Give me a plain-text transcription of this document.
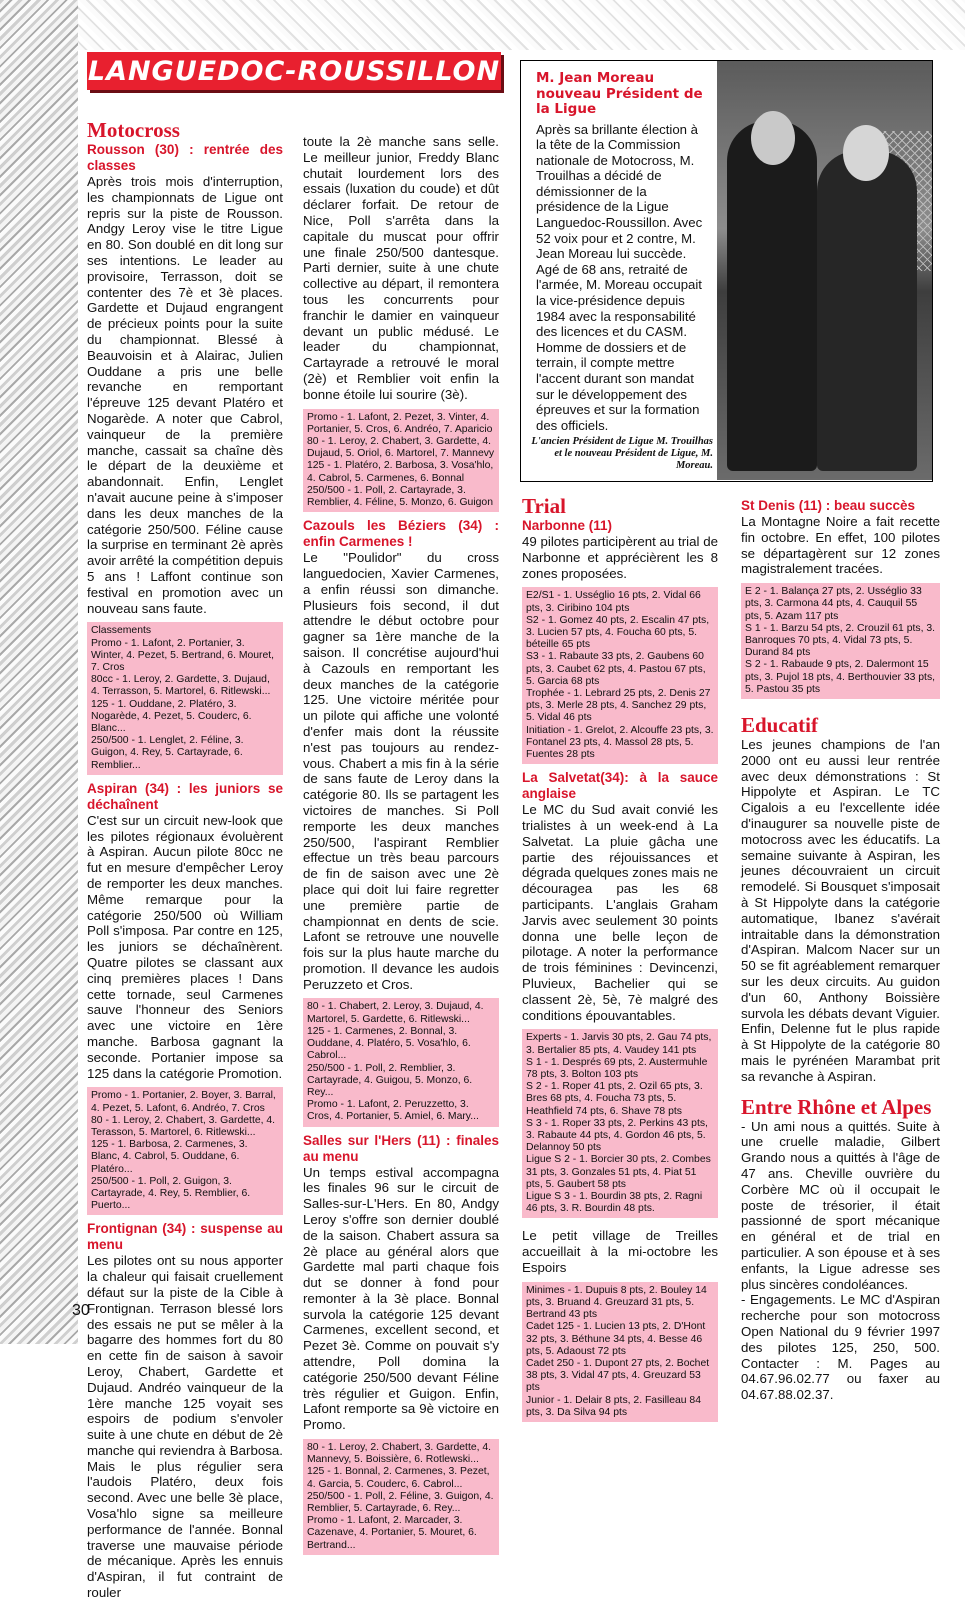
LANGUEDOC-ROUSSILLON
Motocross
Rousson (30) : rentrée des classes

Après trois mois d'interruption, les championnats de Ligue ont repris sur la piste de Rousson. Andgy Leroy vise le titre Ligue en 80. Son doublé en dit long sur ses intentions. Le leader au provisoire, Terrasson, doit se contenter des 7è et 3è places. Gardette et Dujaud engrangent de précieux points pour la suite du championnat. Blessé à Beauvoisin et à Alairac, Julien Ouddane a pris une belle revanche en remportant l'épreuve 125 devant Platéro et Nogarède. A noter que Cabrol, vainqueur de la première manche, cassait sa chaîne dès le départ de la deuxième et abandonnait. Enfin, Lenglet n'avait aucune peine à s'imposer dans les deux manches de la catégorie 250/500. Féline cause la surprise en terminant 2è après avoir arrêté la compétition depuis 5 ans ! Laffont continue son festival en promotion avec un nouveau sans faute.

Classements
Promo - 1. Lafont, 2. Portanier, 3. Winter, 4. Pezet, 5. Bertrand, 6. Mouret, 7. Cros
80cc - 1. Leroy, 2. Gardette, 3. Dujaud, 4. Terrasson, 5. Martorel, 6. Ritlewski...
125 - 1. Ouddane, 2. Platéro, 3. Nogarède, 4. Pezet, 5. Couderc, 6. Blanc...
250/500 - 1. Lenglet, 2. Féline, 3. Guigon, 4. Rey, 5. Cartayrade, 6. Remblier...
Aspiran (34) : les juniors se déchaînent

C'est sur un circuit new-look que les pilotes régionaux évoluèrent à Aspiran. Aucun pilote 80cc ne fut en mesure d'empêcher Leroy de remporter les deux manches. Même remarque pour la catégorie 250/500 où William Poll s'imposa. Par contre en 125, les juniors se déchaînèrent. Quatre pilotes se classant aux cinq premières places ! Dans cette tornade, seul Carmenes sauve l'honneur des Seniors avec une victoire en 1ère manche. Barbosa gagnant la seconde. Portanier impose sa 125 dans la catégorie Promotion.

Promo - 1. Portanier, 2. Boyer, 3. Barral, 4. Pezet, 5. Lafont, 6. Andréo, 7. Cros
80 - 1. Leroy, 2. Chabert, 3. Gardette, 4. Terasson, 5. Martorel, 6. Ritlewski...
125 - 1. Barbosa, 2. Carmenes, 3. Blanc, 4. Cabrol, 5. Ouddane, 6. Platéro...
250/500 - 1. Poll, 2. Guigon, 3. Cartayrade, 4. Rey, 5. Remblier, 6. Puerto...
Frontignan (34) : suspense au menu

Les pilotes ont su nous apporter la chaleur qui faisait cruellement défaut sur la piste de la Cible à Frontignan. Terrason blessé lors des essais ne put se mêler à la bagarre des hommes fort du 80 en cette fin de saison à savoir Leroy, Chabert, Gardette et Dujaud. Andréo vainqueur de la 1ère manche 125 voyait ses espoirs de podium s'envoler suite à une chute en début de 2è manche qui reviendra à Barbosa. Mais le plus régulier sera l'audois Platéro, deux fois second. Avec une belle 3è place, Vosa'hlo signe sa meilleure performance de l'année. Bonnal traverse une mauvaise période de mécanique. Après les ennuis d'Aspiran, il fut contraint de rouler

toute la 2è manche sans selle. Le meilleur junior, Freddy Blanc chutait lourdement lors des essais (luxation du coude) et dût déclarer forfait. De retour de Nice, Poll s'arrêta dans la capitale du muscat pour offrir une finale 250/500 dantesque. Parti dernier, suite à une chute collective au départ, il remontera tous les concurrents pour franchir le damier en vainqueur devant un public médusé. Le leader du championnat, Cartayrade a retrouvé le moral (2è) et Remblier voit enfin la bonne étoile lui sourire (3è).

Promo - 1. Lafont, 2. Pezet, 3. Vinter, 4. Portanier, 5. Cros, 6. Andréo, 7. Aparicio
80 - 1. Leroy, 2. Chabert, 3. Gardette, 4. Dujaud, 5. Oriol, 6. Martorel, 7. Mannevy
125 - 1. Platéro, 2. Barbosa, 3. Vosa'hlo, 4. Cabrol, 5. Carmenes, 6. Bonnal
250/500 - 1. Poll, 2. Cartayrade, 3. Remblier, 4. Féline, 5. Monzo, 6. Guigon
Cazouls les Béziers (34) : enfin Carmenes !

Le "Poulidor" du cross languedocien, Xavier Carmenes, a enfin réussi son dimanche. Plusieurs fois second, il dut attendre le début octobre pour gagner sa 1ère manche de la saison. Il concrétise aujourd'hui à Cazouls en remportant les deux manches de la catégorie 125. Une victoire méritée pour un pilote qui affiche une volonté d'enfer mais dont la réussite n'est pas toujours au rendez-vous. Chabert a mis fin à la série de sans faute de Leroy dans la catégorie 80. Ils se partagent les victoires de manches. Si Poll remporte les deux manches 250/500, l'aspirant Remblier effectue un très beau parcours de fin de saison avec une 2è place qui doit lui faire regretter une première partie de championnat en dents de scie. Lafont se retrouve une nouvelle fois sur la plus haute marche du promotion. Il devance les audois Peruzzeto et Cros.

80 - 1. Chabert, 2. Leroy, 3. Dujaud, 4. Martorel, 5. Gardette, 6. Ritlewski...
125 - 1. Carmenes, 2. Bonnal, 3. Ouddane, 4. Platéro, 5. Vosa'hlo, 6. Cabrol...
250/500 - 1. Poll, 2. Remblier, 3. Cartayrade, 4. Guigou, 5. Monzo, 6. Rey...
Promo - 1. Lafont, 2. Peruzzetto, 3. Cros, 4. Portanier, 5. Amiel, 6. Mary...
Salles sur l'Hers (11) : finales au menu

Un temps estival accompagna les finales 96 sur le circuit de Salles-sur-L'Hers. En 80, Andgy Leroy s'offre son dernier doublé de la saison. Chabert assura sa 2è place au général alors que Gardette mal parti chaque fois dut se donner à fond pour remonter à la 3è place. Bonnal survola la catégorie 125 devant Carmenes, excellent second, et Pezet 3è. Comme on pouvait s'y attendre, Poll domina la catégorie 250/500 devant Féline très régulier et Guigon. Enfin, Lafont remporte sa 9è victoire en Promo.

80 - 1. Leroy, 2. Chabert, 3. Gardette, 4. Mannevy, 5. Boissière, 6. Rotlewski...
125 - 1. Bonnal, 2. Carmenes, 3. Pezet, 4. Garcia, 5. Couderc, 6. Cabrol...
250/500 - 1. Poll, 2. Féline, 3. Guigon, 4. Remblier, 5. Cartayrade, 6. Rey...
Promo - 1. Lafont, 2. Marcader, 3. Cazenave, 4. Portanier, 5. Mouret, 6. Bertrand...
M. Jean Moreau nouveau Président de la Ligue
Après sa brillante élection à la tête de la Commission nationale de Motocross, M. Trouilhas a décidé de démissionner de la présidence de la Ligue Languedoc-Roussillon. Avec 52 voix pour et 2 contre, M. Jean Moreau lui succède. Agé de 68 ans, retraité de l'armée, M. Moreau occupait la vice-présidence depuis 1984 avec la responsabilité des licences et du CASM. Homme de dossiers et de terrain, il compte mettre l'accent durant son mandat sur le développement des épreuves et sur la formation des officiels.
L'ancien Président de Ligue M. Trouilhas et le nouveau Président de Ligue, M. Moreau.
Trial
Narbonne (11)

49 pilotes participèrent au trial de Narbonne et apprécièrent les 8 zones proposées.

E2/S1 - 1. Usséglio 16 pts, 2. Vidal 66 pts, 3. Ciribino 104 pts
S2 - 1. Gomez 40 pts, 2. Escalin 47 pts, 3. Lucien 57 pts, 4. Foucha 60 pts, 5. béteille 65 pts
S3 - 1. Rabaute 33 pts, 2. Gaubens 60 pts, 3. Caubet 62 pts, 4. Pastou 67 pts, 5. Garcia 68 pts
Trophée - 1. Lebrard 25 pts, 2. Denis 27 pts, 3. Merle 28 pts, 4. Sanchez 29 pts, 5. Vidal 46 pts
Initiation - 1. Grelot, 2. Alcouffe 23 pts, 3. Fontanel 23 pts, 4. Massol 28 pts, 5. Fuentes 28 pts
La Salvetat(34): à la sauce anglaise

Le MC du Sud avait convié les trialistes à un week-end à La Salvetat. La pluie gâcha une partie des réjouissances et dégrada quelques zones mais ne découragea pas les 68 participants. L'anglais Graham Jarvis avec seulement 30 points donna une belle leçon de pilotage. A noter la performance de trois féminines : Devincenzi, Pluvieux, Bachelier qui se classent 2è, 5è, 7è malgré des conditions épouvantables.

Experts - 1. Jarvis 30 pts, 2. Gau 74 pts, 3. Bertalier 85 pts, 4. Vaudey 141 pts
S 1 - 1. Després 69 pts, 2. Austermuhle 78 pts, 3. Bolton 103 pts
S 2 - 1. Roper 41 pts, 2. Ozil 65 pts, 3. Bres 68 pts, 4. Foucha 73 pts, 5. Heathfield 74 pts, 6. Shave 78 pts
S 3 - 1. Roper 33 pts, 2. Perkins 43 pts, 3. Rabaute 44 pts, 4. Gordon 46 pts, 5. Delannoy 50 pts
Ligue S 2 - 1. Borcier 30 pts, 2. Combes 31 pts, 3. Gonzales 51 pts, 4. Piat 51 pts, 5. Gaubert 58 pts
Ligue S 3 - 1. Bourdin 38 pts, 2. Ragni 46 pts, 3. R. Bourdin 48 pts.

Le petit village de Treilles accueillait à la mi-octobre les Espoirs

Minimes - 1. Dupuis 8 pts, 2. Bouley 14 pts, 3. Bruand 4. Greuzard 31 pts, 5. Bertrand 43 pts
Cadet 125 - 1. Lucien 13 pts, 2. D'Hont 32 pts, 3. Béthune 34 pts, 4. Besse 46 pts, 5. Adaoust 72 pts
Cadet 250 - 1. Dupont 27 pts, 2. Bochet 38 pts, 3. Vidal 47 pts, 4. Greuzard 53 pts
Junior - 1. Delair 8 pts, 2. Fasilleau 84 pts, 3. Da Silva 94 pts
St Denis (11) : beau succès

La Montagne Noire a fait recette fin octobre. En effet, 100 pilotes se départagèrent sur 12 zones magistralement tracées.

E 2 - 1. Balança 27 pts, 2. Usséglio 33 pts, 3. Carmona 44 pts, 4. Cauquil 55 pts, 5. Azam 117 pts
S 1 - 1. Barzu 54 pts, 2. Crouzil 61 pts, 3. Banroques 70 pts, 4. Vidal 73 pts, 5. Durand 84 pts
S 2 - 1. Rabaude 9 pts, 2. Dalermont 15 pts, 3. Pujol 18 pts, 4. Berthouvier 33 pts, 5. Pastou 35 pts
Educatif

Les jeunes champions de l'an 2000 ont eu aussi leur rentrée avec deux démonstrations : St Hippolyte et Aspiran. Le TC Cigalois a eu l'excellente idée d'inaugurer sa nouvelle piste de motocross avec les éducatifs. La semaine suivante à Aspiran, les jeunes découvraient un circuit remodelé. Si Bousquet s'imposait à St Hippolyte dans la catégorie automatique, Ibanez s'avérait intraitable dans la démonstration d'Aspiran. Malcom Nacer sur un 50 se fit agréablement remarquer sur les deux circuits. Au guidon d'un 60, Anthony Boissière survola les débats devant Viguier. Enfin, Delenne fut le plus rapide à St Hippolyte de la catégorie 80 mais le pyrénéen Marambat prit sa revanche à Aspiran.

Entre Rhône et Alpes

- Un ami nous a quittés. Suite à une cruelle maladie, Gilbert Grando nous a quittés à l'âge de 47 ans. Cheville ouvrière du Corbère MC où il occupait le poste de trésorier, il était passionné de sport mécanique en général et de trial en particulier. A son épouse et à ses enfants, la Ligue adresse ses plus sincères condoléances.

- Engagements. Le MC d'Aspiran recherche pour son motocross Open National du 9 février 1997 des pilotes 125, 250, 500. Contacter : M. Pages au 04.67.96.02.77 ou faxer au 04.67.88.02.37.

30
